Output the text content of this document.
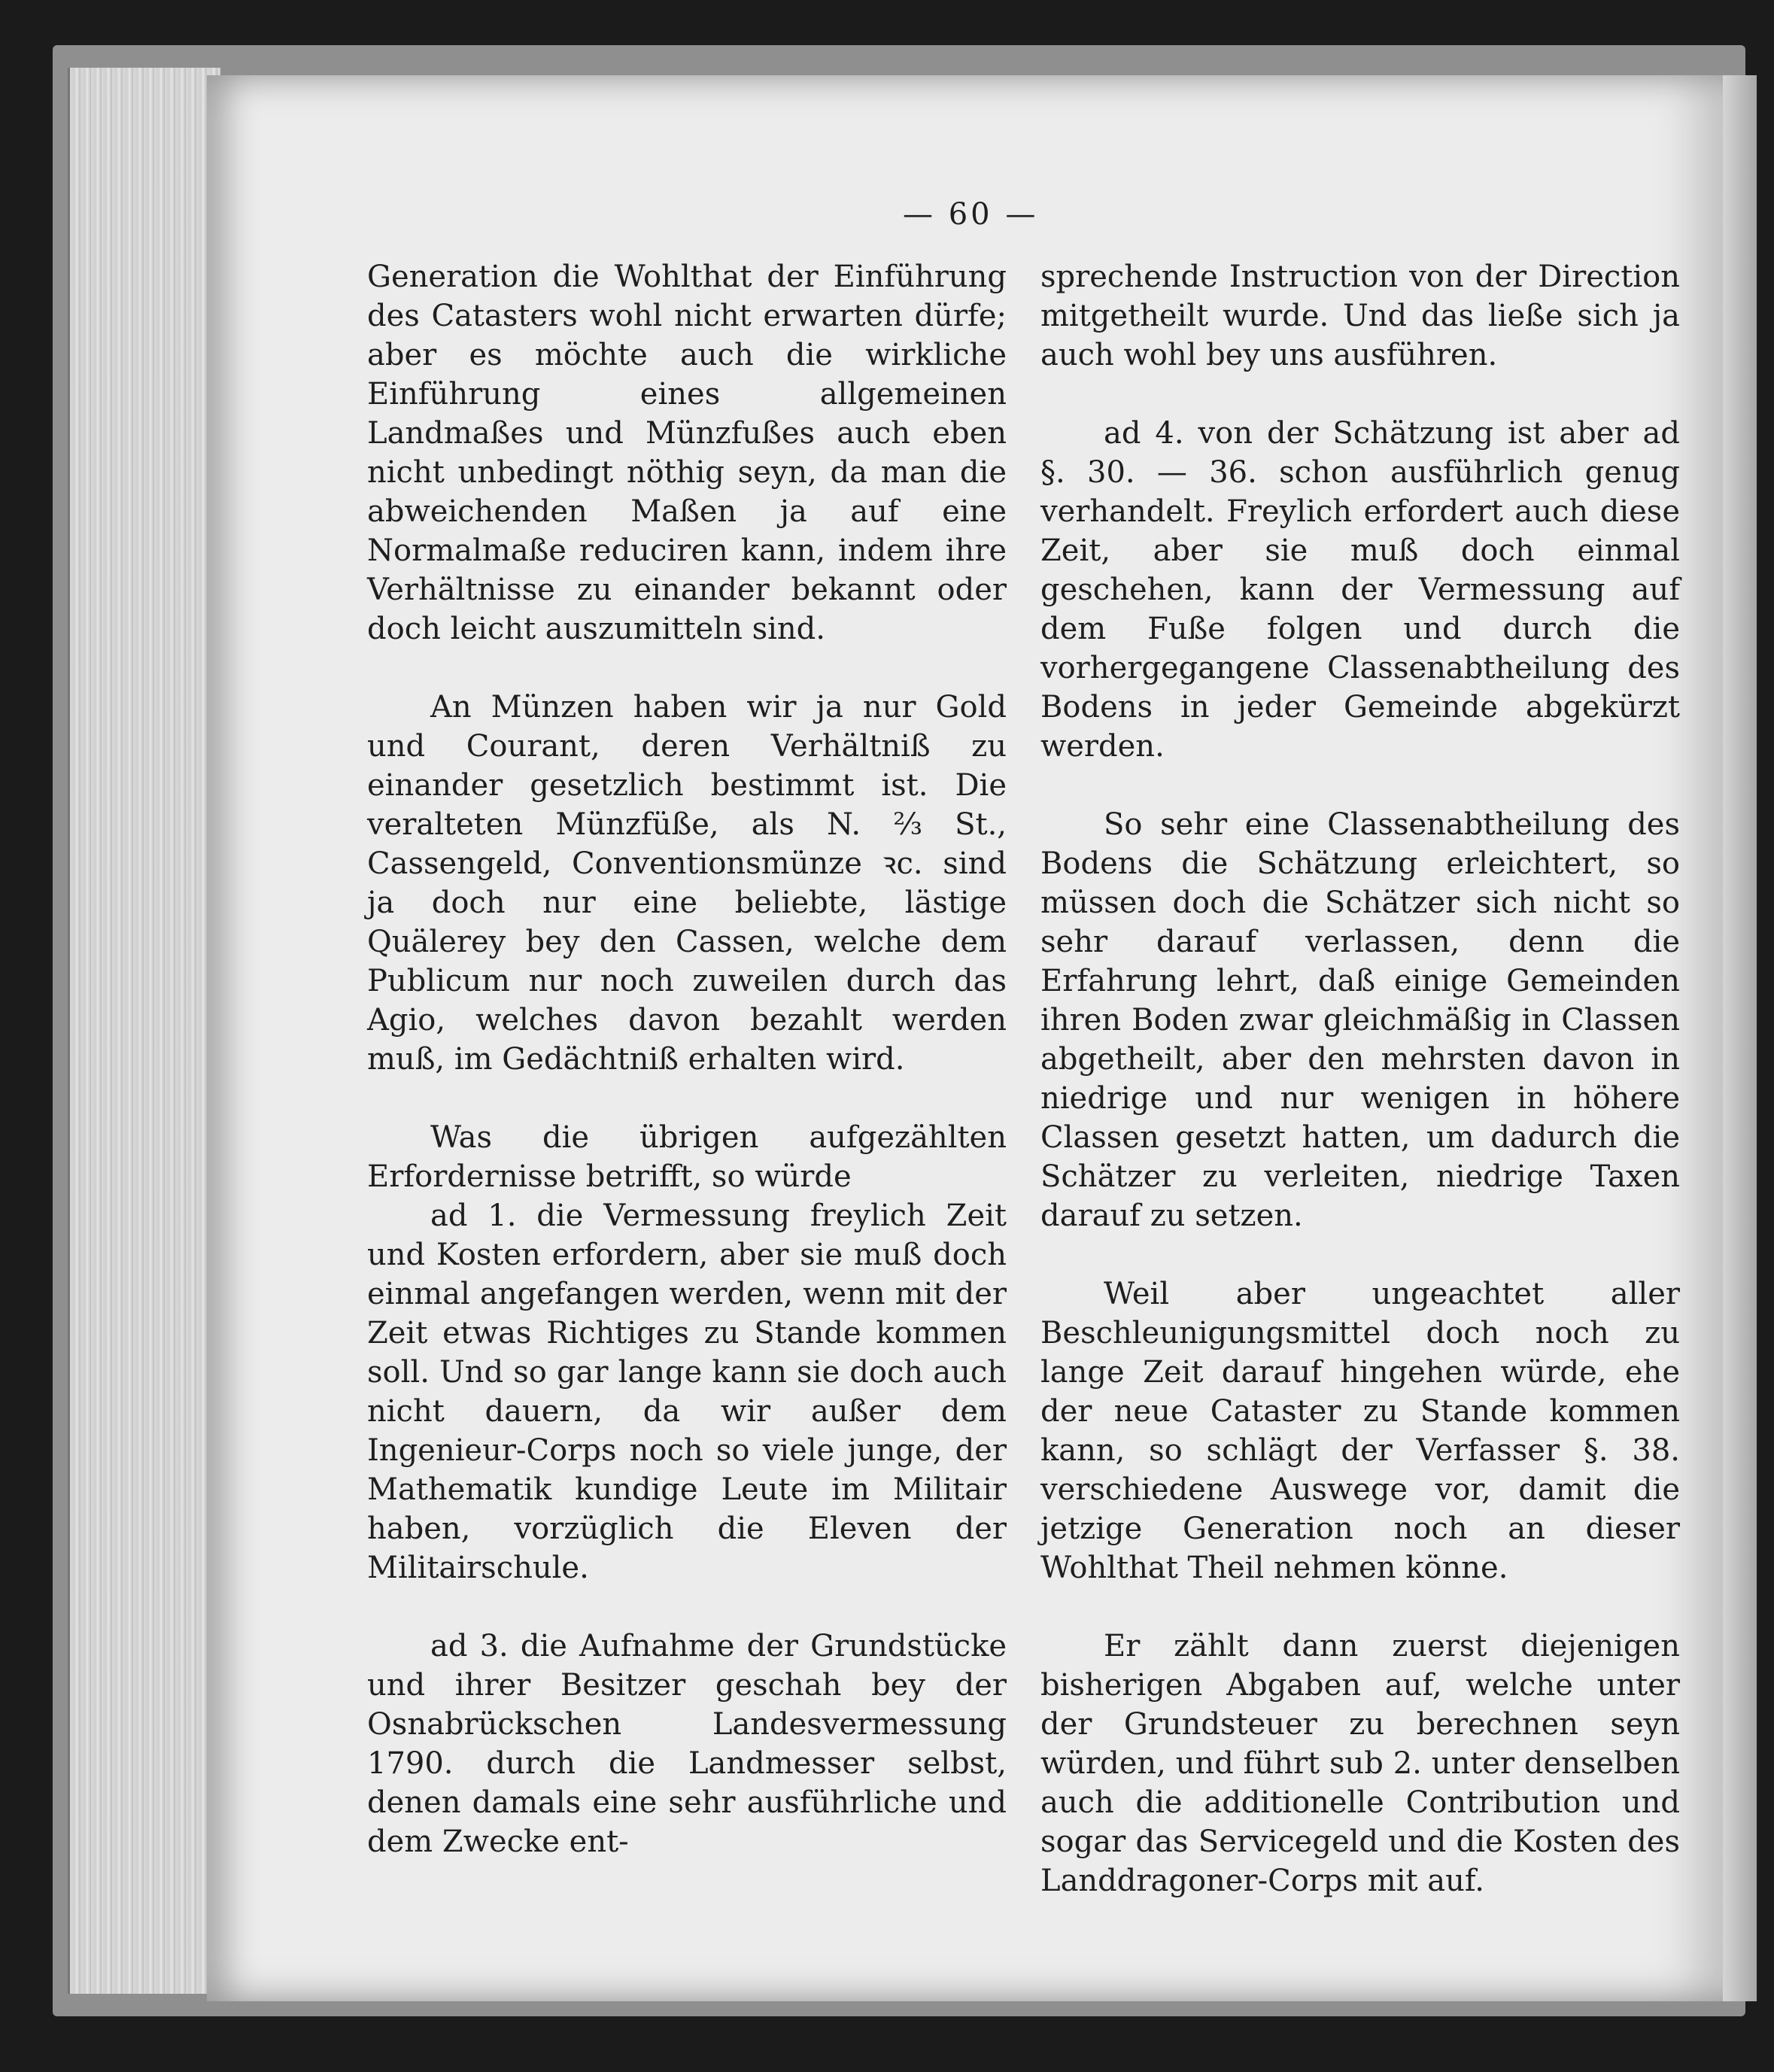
— 60 —

Generation die Wohlthat der Einführung des Catasters wohl nicht erwarten dürfe; aber es möchte auch die wirkliche Einführung eines allgemeinen Landmaßes und Münzfußes auch eben nicht unbedingt nöthig seyn, da man die abweichenden Maßen ja auf eine Normalmaße reduciren kann, indem ihre Verhältnisse zu einander bekannt oder doch leicht auszumitteln sind.

An Münzen haben wir ja nur Gold und Courant, deren Verhältniß zu einander gesetzlich bestimmt ist. Die veralteten Münzfüße, als N. ⅔ St., Cassengeld, Conventionsmünze ꝛc. sind ja doch nur eine beliebte, lästige Quälerey bey den Cassen, welche dem Publicum nur noch zuweilen durch das Agio, welches davon bezahlt werden muß, im Gedächtniß erhalten wird.

Was die übrigen aufgezählten Erfordernisse betrifft, so würde

ad 1. die Vermessung freylich Zeit und Kosten erfordern, aber sie muß doch einmal angefangen werden, wenn mit der Zeit etwas Richtiges zu Stande kommen soll. Und so gar lange kann sie doch auch nicht dauern, da wir außer dem Ingenieur-Corps noch so viele junge, der Mathematik kundige Leute im Militair haben, vorzüglich die Eleven der Militairschule.

ad 3. die Aufnahme der Grundstücke und ihrer Besitzer geschah bey der Osnabrückschen Landesvermessung 1790. durch die Landmesser selbst, denen damals eine sehr ausführliche und dem Zwecke ent-

sprechende Instruction von der Direction mitgetheilt wurde. Und das ließe sich ja auch wohl bey uns ausführen.

ad 4. von der Schätzung ist aber ad §. 30. — 36. schon ausführlich genug verhandelt. Freylich erfordert auch diese Zeit, aber sie muß doch einmal geschehen, kann der Vermessung auf dem Fuße folgen und durch die vorhergegangene Classenabtheilung des Bodens in jeder Gemeinde abgekürzt werden.

So sehr eine Classenabtheilung des Bodens die Schätzung erleichtert, so müssen doch die Schätzer sich nicht so sehr darauf verlassen, denn die Erfahrung lehrt, daß einige Gemeinden ihren Boden zwar gleichmäßig in Classen abgetheilt, aber den mehrsten davon in niedrige und nur wenigen in höhere Classen gesetzt hatten, um dadurch die Schätzer zu verleiten, niedrige Taxen darauf zu setzen.

Weil aber ungeachtet aller Beschleunigungsmittel doch noch zu lange Zeit darauf hingehen würde, ehe der neue Cataster zu Stande kommen kann, so schlägt der Verfasser §. 38. verschiedene Auswege vor, damit die jetzige Generation noch an dieser Wohlthat Theil nehmen könne.

Er zählt dann zuerst diejenigen bisherigen Abgaben auf, welche unter der Grundsteuer zu berechnen seyn würden, und führt sub 2. unter denselben auch die additionelle Contribution und sogar das Servicegeld und die Kosten des Landdragoner-Corps mit auf.
